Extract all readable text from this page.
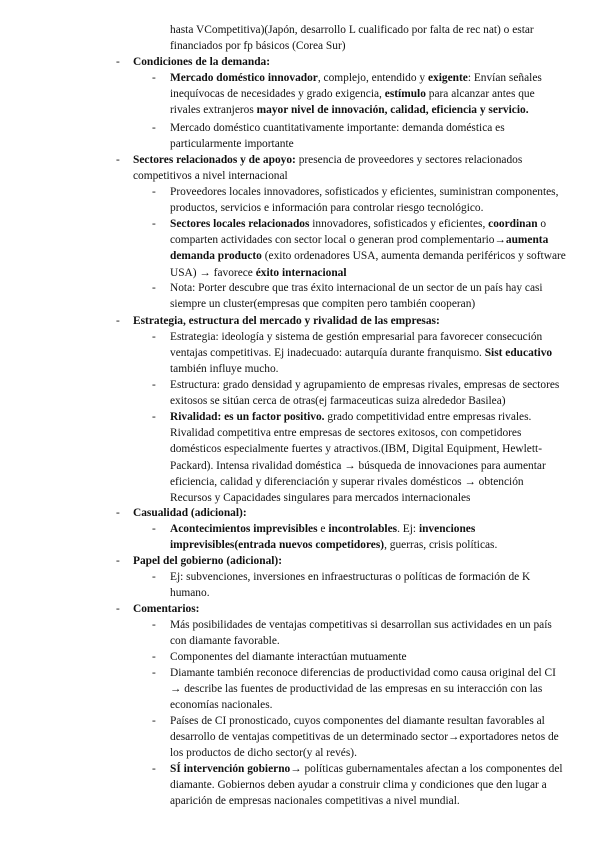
hasta VCompetitiva)(Japón, desarrollo L cualificado por falta de rec nat) o estar financiados por fp básicos (Corea Sur)
- Condiciones de la demanda:
- Mercado doméstico innovador, complejo, entendido y exigente: Envían señales inequívocas de necesidades y grado exigencia, estímulo para alcanzar antes que rivales extranjeros mayor nivel de innovación, calidad, eficiencia y servicio.
- Mercado doméstico cuantitativamente importante: demanda doméstica es particularmente importante
- Sectores relacionados y de apoyo: presencia de proveedores y sectores relacionados competitivos a nivel internacional
- Proveedores locales innovadores, sofisticados y eficientes, suministran componentes, productos, servicios e información para controlar riesgo tecnológico.
- Sectores locales relacionados innovadores, sofisticados y eficientes, coordinan o comparten actividades con sector local o generan prod complementario→aumenta demanda producto (exito ordenadores USA, aumenta demanda periféricos y software USA) → favorece éxito internacional
- Nota: Porter descubre que tras éxito internacional de un sector de un país hay casi siempre un cluster(empresas que compiten pero también cooperan)
- Estrategia, estructura del mercado y rivalidad de las empresas:
- Estrategia: ideología y sistema de gestión empresarial para favorecer consecución ventajas competitivas. Ej inadecuado: autarquía durante franquismo. Sist educativo también influye mucho.
- Estructura: grado densidad y agrupamiento de empresas rivales, empresas de sectores exitosos se sitúan cerca de otras(ej farmaceuticas suiza alrededor Basilea)
- Rivalidad: es un factor positivo. grado competitividad entre empresas rivales. Rivalidad competitiva entre empresas de sectores exitosos, con competidores domésticos especialmente fuertes y atractivos.(IBM, Digital Equipment, Hewlett-Packard). Intensa rivalidad doméstica → búsqueda de innovaciones para aumentar eficiencia, calidad y diferenciación y superar rivales domésticos → obtención Recursos y Capacidades singulares para mercados internacionales
- Casualidad (adicional):
- Acontecimientos imprevisibles e incontrolables. Ej: invenciones imprevisibles(entrada nuevos competidores), guerras, crisis políticas.
- Papel del gobierno (adicional):
- Ej: subvenciones, inversiones en infraestructuras o políticas de formación de K humano.
- Comentarios:
- Más posibilidades de ventajas competitivas si desarrollan sus actividades en un país con diamante favorable.
- Componentes del diamante interactúan mutuamente
- Diamante también reconoce diferencias de productividad como causa original del CI → describe las fuentes de productividad de las empresas en su interacción con las economías nacionales.
- Países de CI pronosticado, cuyos componentes del diamante resultan favorables al desarrollo de ventajas competitivas de un determinado sector→exportadores netos de los productos de dicho sector(y al revés).
- SÍ intervención gobierno→ políticas gubernamentales afectan a los componentes del diamante. Gobiernos deben ayudar a construir clima y condiciones que den lugar a aparición de empresas nacionales competitivas a nivel mundial.
